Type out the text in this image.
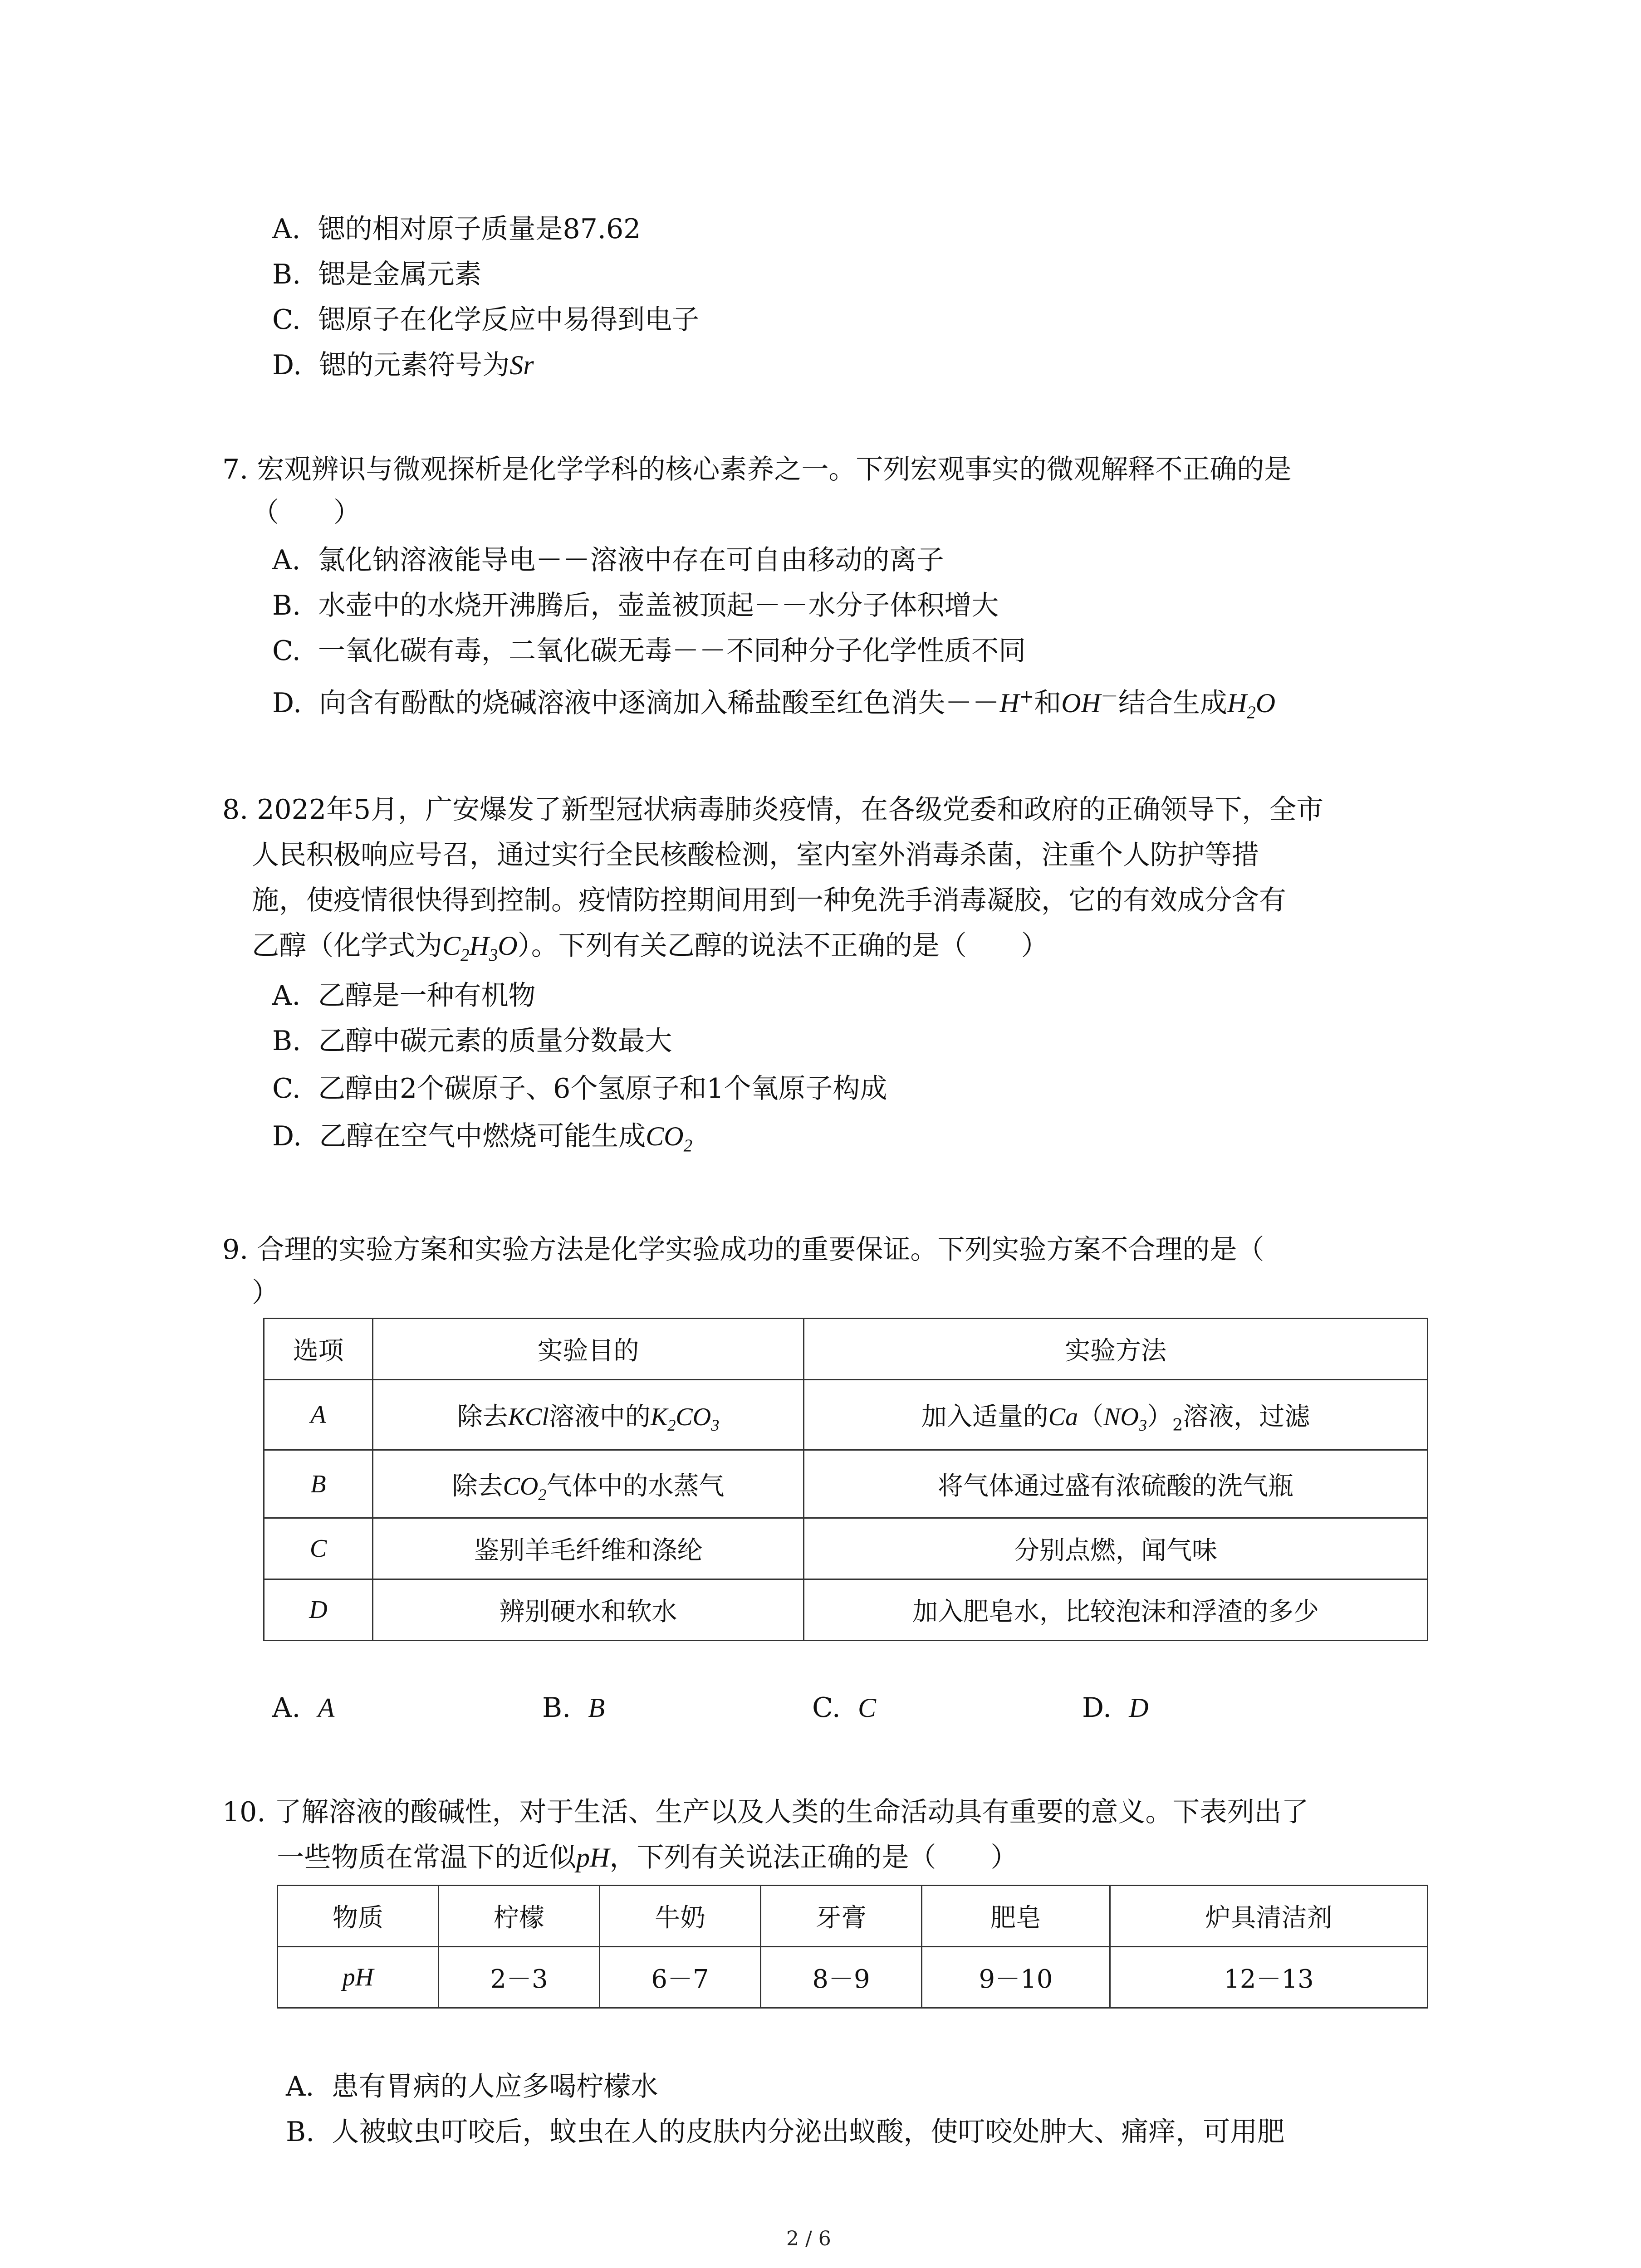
A. 锶的相对原子质量是87.62
B. 锶是金属元素
C. 锶原子在化学反应中易得到电子
D. 锶的元素符号为Sr
7. 宏观辨识与微观探析是化学学科的核心素养之一。下列宏观事实的微观解释不正确的是
（　　）
A. 氯化钠溶液能导电－－溶液中存在可自由移动的离子
B. 水壶中的水烧开沸腾后，壶盖被顶起－－水分子体积增大
C. 一氧化碳有毒，二氧化碳无毒－－不同种分子化学性质不同
D. 向含有酚酞的烧碱溶液中逐滴加入稀盐酸至红色消失－－H+和OH－结合生成$H_2O$
8. 2022年5月，广安爆发了新型冠状病毒肺炎疫情，在各级党委和政府的正确领导下，全市
人民积极响应号召，通过实行全民核酸检测，室内室外消毒杀菌，注重个人防护等措
施，使疫情很快得到控制。疫情防控期间用到一种免洗手消毒凝胶，它的有效成分含有
乙醇（化学式为$C_2H_3O$）。下列有关乙醇的说法不正确的是（　　）
A. 乙醇是一种有机物
B. 乙醇中碳元素的质量分数最大
C. 乙醇由2个碳原子、6个氢原子和1个氧原子构成
D. 乙醇在空气中燃烧可能生成$CO_2$
9. 合理的实验方案和实验方法是化学实验成功的重要保证。下列实验方案不合理的是（
）
选项	实验目的	实验方法
A	除去KCl溶液中的$K_2CO_3$	加入适量的$Ca(NO_3)_2$溶液，过滤
B	除去$CO_2$气体中的水蒸气	将气体通过盛有浓硫酸的洗气瓶
C	鉴别羊毛纤维和涤纶	分别点燃，闻气味
D	辨别硬水和软水	加入肥皂水，比较泡沫和浮渣的多少
A. A	B. B	C. C	D. D
10. 了解溶液的酸碱性，对于生活、生产以及人类的生命活动具有重要的意义。下表列出了
一些物质在常温下的近似pH，下列有关说法正确的是（　　）
物质	柠檬	牛奶	牙膏	肥皂	炉具清洁剂
pH	2－3	6－7	8－9	9－10	12－13
A. 患有胃病的人应多喝柠檬水
B. 人被蚊虫叮咬后，蚊虫在人的皮肤内分泌出蚁酸，使叮咬处肿大、痛痒，可用肥
2 / 6
